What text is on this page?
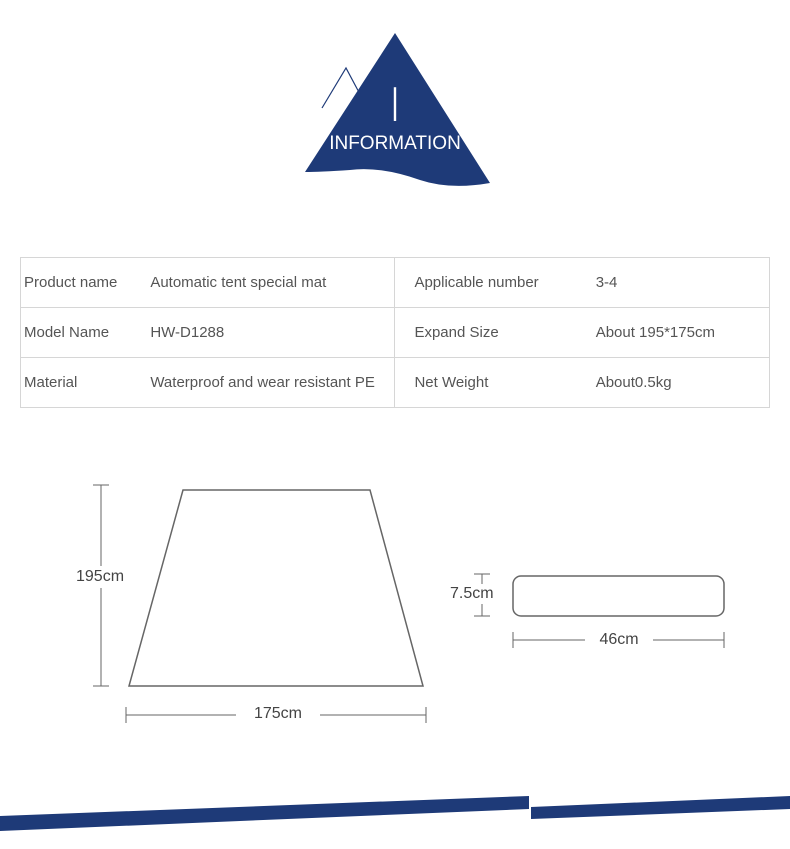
I
INFORMATION
Product name	Automatic tent special mat	Applicable number	3-4
Model Name	HW-D1288	Expand Size	About 195*175cm
Material	Waterproof and wear resistant PE	Net Weight	About0.5kg
195cm
175cm
7.5cm
46cm
